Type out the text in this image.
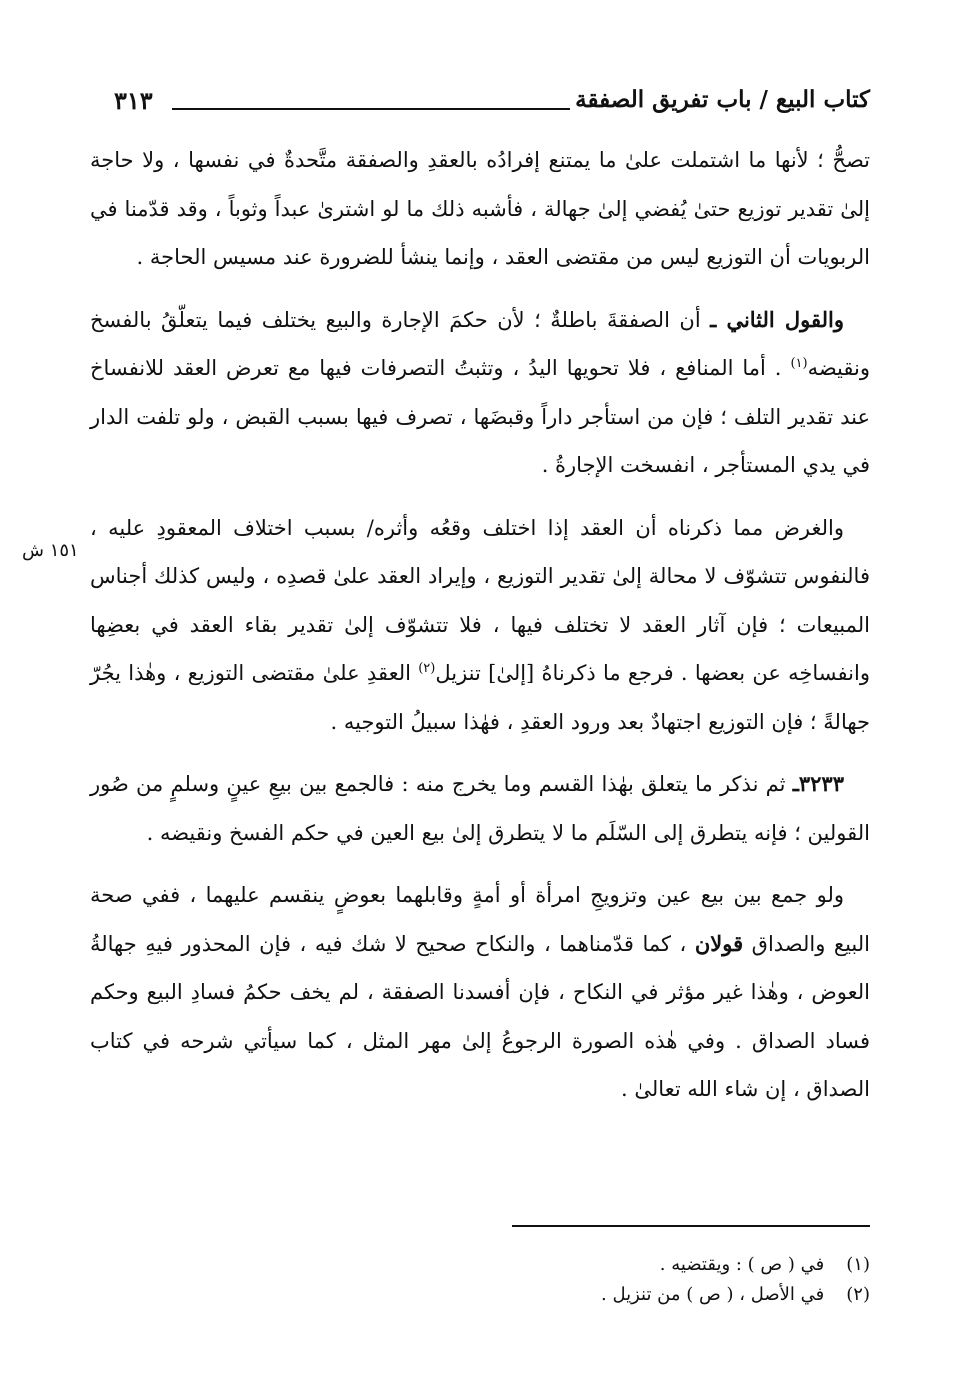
كتاب البيع / باب تفريق الصفقة
٣١٣
١٥١ ش

تصحُّ ؛ لأنها ما اشتملت علىٰ ما يمتنع إفرادُه بالعقدِ والصفقة متَّحدةٌ في نفسها ، ولا حاجة إلىٰ تقدير توزيع حتىٰ يُفضي إلىٰ جهالة ، فأشبه ذلك ما لو اشترىٰ عبداً وثوباً ، وقد قدّمنا في الربويات أن التوزيع ليس من مقتضى العقد ، وإنما ينشأ للضرورة عند مسيس الحاجة .

والقول الثاني ـ أن الصفقةَ باطلةٌ ؛ لأن حكمَ الإجارة والبيع يختلف فيما يتعلّقُ بالفسخ ونقيضه$^{(١)}$ . أما المنافع ، فلا تحويها اليدُ ، وتثبتُ التصرفات فيها مع تعرض العقد للانفساخ عند تقدير التلف ؛ فإن من استأجر داراً وقبضَها ، تصرف فيها بسبب القبض ، ولو تلفت الدار في يدي المستأجر ، انفسخت الإجارةُ .

والغرض مما ذكرناه أن العقد إذا اختلف وقعُه وأثره/ بسبب اختلاف المعقودِ عليه ، فالنفوس تتشوّف لا محالة إلىٰ تقدير التوزيع ، وإيراد العقد علىٰ قصدِه ، وليس كذلك أجناس المبيعات ؛ فإن آثار العقد لا تختلف فيها ، فلا تتشوّف إلىٰ تقدير بقاء العقد في بعضِها وانفساخِه عن بعضها . فرجع ما ذكرناهُ [إلىٰ] تنزيل$^{(٢)}$ العقدِ علىٰ مقتضى التوزيع ، وهٰذا يجُرّ جهالةً ؛ فإن التوزيع اجتهادٌ بعد ورود العقدِ ، فهٰذا سبيلُ التوجيه .

٣٢٣٣ـ ثم نذكر ما يتعلق بهٰذا القسم وما يخرج منه : فالجمع بين بيعِ عينٍ وسلمٍ من صُور القولين ؛ فإنه يتطرق إلى السّلَم ما لا يتطرق إلىٰ بيع العين في حكم الفسخ ونقيضه .

ولو جمع بين بيع عين وتزويجِ امرأة أو أمةٍ وقابلهما بعوضٍ ينقسم عليهما ، ففي صحة البيع والصداق قولان ، كما قدّمناهما ، والنكاح صحيح لا شك فيه ، فإن المحذور فيهِ جهالةُ العوض ، وهٰذا غير مؤثر في النكاح ، فإن أفسدنا الصفقة ، لم يخف حكمُ فسادِ البيع وحكم فساد الصداق . وفي هٰذه الصورة الرجوعُ إلىٰ مهر المثل ، كما سيأتي شرحه في كتاب الصداق ، إن شاء الله تعالىٰ .

(١) في ( ص ) : ويقتضيه .
(٢) في الأصل ، ( ص ) من تنزيل .
